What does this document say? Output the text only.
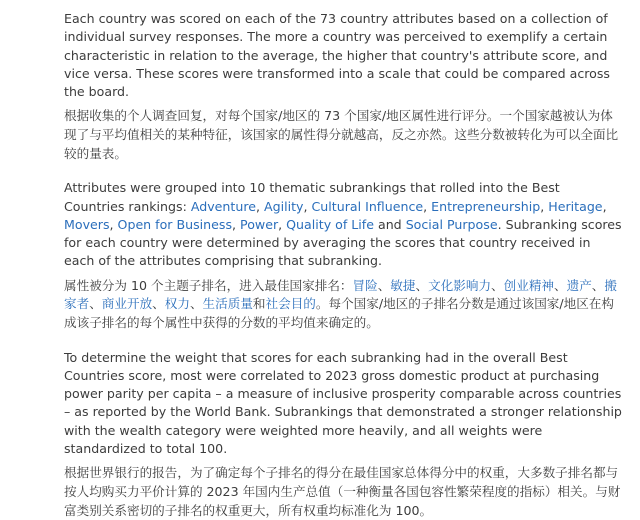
Each country was scored on each of the 73 country attributes based on a collection of individual survey responses. The more a country was perceived to exemplify a certain characteristic in relation to the average, the higher that country's attribute score, and vice versa. These scores were transformed into a scale that could be compared across the board.

根据收集的个人调查回复，对每个国家/地区的 73 个国家/地区属性进行评分。一个国家越被认为体现了与平均值相关的某种特征，该国家的属性得分就越高，反之亦然。这些分数被转化为可以全面比较的量表。

Attributes were grouped into 10 thematic subrankings that rolled into the Best Countries rankings: Adventure, Agility, Cultural Influence, Entrepreneurship, Heritage, Movers, Open for Business, Power, Quality of Life and Social Purpose. Subranking scores for each country were determined by averaging the scores that country received in each of the attributes comprising that subranking.

属性被分为 10 个主题子排名，进入最佳国家排名：冒险、敏捷、文化影响力、创业精神、遗产、搬家者、商业开放、权力、生活质量和社会目的。每个国家/地区的子排名分数是通过该国家/地区在构成该子排名的每个属性中获得的分数的平均值来确定的。

To determine the weight that scores for each subranking had in the overall Best Countries score, most were correlated to 2023 gross domestic product at purchasing power parity per capita – a measure of inclusive prosperity comparable across countries – as reported by the World Bank. Subrankings that demonstrated a stronger relationship with the wealth category were weighted more heavily, and all weights were standardized to total 100.

根据世界银行的报告，为了确定每个子排名的得分在最佳国家总体得分中的权重，大多数子排名都与按人均购买力平价计算的 2023 年国内生产总值（一种衡量各国包容性繁荣程度的指标）相关。与财富类别关系密切的子排名的权重更大，所有权重均标准化为 100。
